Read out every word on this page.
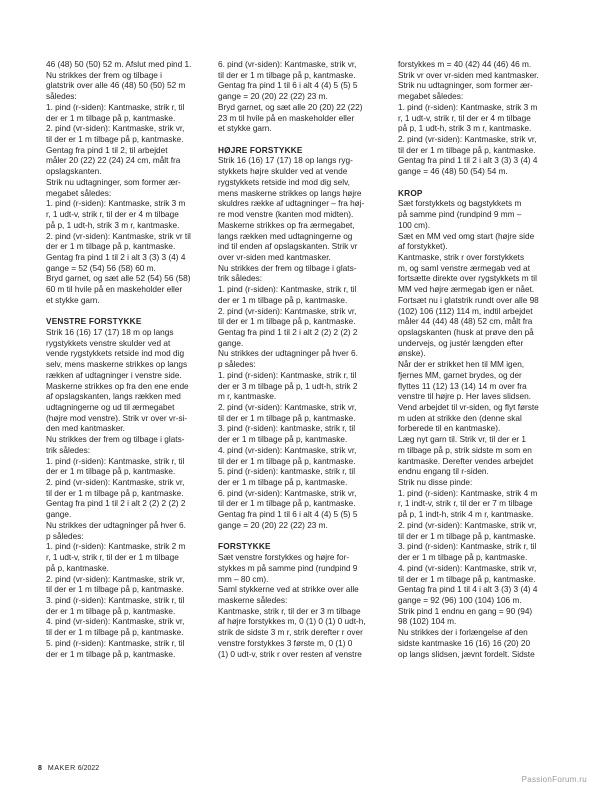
46 (48) 50 (50) 52 m. Afslut med pind 1.

Nu strikkes der frem og tilbage i

glatstrik over alle 46 (48) 50 (50) 52 m

således:

1. pind (r-siden): Kantmaske, strik r, til

der er 1 m tilbage på p, kantmaske.

2. pind (vr-siden): Kantmaske, strik vr,

til der er 1 m tilbage på p, kantmaske.

Gentag fra pind 1 til 2, til arbejdet

måler 20 (22) 22 (24) 24 cm, målt fra

opslagskanten.

Strik nu udtagninger, som former ær-

megabet således:

1. pind (r-siden): Kantmaske, strik 3 m

r, 1 udt-v, strik r, til der er 4 m tilbage

på p, 1 udt-h, strik 3 m r, kantmaske.

2. pind (vr-siden): Kantmaske, strik vr til

der er 1 m tilbage på p, kantmaske.

Gentag fra pind 1 til 2 i alt 3 (3) 3 (4) 4

gange = 52 (54) 56 (58) 60 m.

Bryd garnet, og sæt alle 52 (54) 56 (58)

60 m til hvile på en maskeholder eller

et stykke garn.

VENSTRE FORSTYKKE

Strik 16 (16) 17 (17) 18 m op langs

rygstykkets venstre skulder ved at

vende rygstykkets retside ind mod dig

selv, mens maskerne strikkes op langs

rækken af udtagninger i venstre side.

Maskerne strikkes op fra den ene ende

af opslagskanten, langs rækken med

udtagningerne og ud til ærmegabet

(højre mod venstre). Strik vr over vr-si-

den med kantmasker.

Nu strikkes der frem og tilbage i glats-

trik således:

1. pind (r-siden): Kantmaske, strik r, til

der er 1 m tilbage på p, kantmaske.

2. pind (vr-siden): Kantmaske, strik vr,

til der er 1 m tilbage på p, kantmaske.

Gentag fra pind 1 til 2 i alt 2 (2) 2 (2) 2

gange.

Nu strikkes der udtagninger på hver 6.

p således:

1. pind (r-siden): Kantmaske, strik 2 m

r, 1 udt-v, strik r, til der er 1 m tilbage

på p, kantmaske.

2. pind (vr-siden): Kantmaske, strik vr,

til der er 1 m tilbage på p, kantmaske.

3. pind (r-siden): Kantmaske, strik r, til

der er 1 m tilbage på p, kantmaske.

4. pind (vr-siden): Kantmaske, strik vr,

til der er 1 m tilbage på p, kantmaske.

5. pind (r-siden): Kantmaske, strik r, til

der er 1 m tilbage på p, kantmaske.

6. pind (vr-siden): Kantmaske, strik vr,

til der er 1 m tilbage på p, kantmaske.

Gentag fra pind 1 til 6 i alt 4 (4) 5 (5) 5

gange = 20 (20) 22 (22) 23 m.

Bryd garnet, og sæt alle 20 (20) 22 (22)

23 m til hvile på en maskeholder eller

et stykke garn.

HØJRE FORSTYKKE

Strik 16 (16) 17 (17) 18 op langs ryg-

stykkets højre skulder ved at vende

rygstykkets retside ind mod dig selv,

mens maskerne strikkes op langs højre

skuldres række af udtagninger – fra høj-

re mod venstre (kanten mod midten).

Maskerne strikkes op fra ærmegabet,

langs rækken med udtagningerne og

ind til enden af opslagskanten. Strik vr

over vr-siden med kantmasker.

Nu strikkes der frem og tilbage i glats-

trik således:

1. pind (r-siden): Kantmaske, strik r, til

der er 1 m tilbage på p, kantmaske.

2. pind (vr-siden): Kantmaske, strik vr,

til der er 1 m tilbage på p, kantmaske.

Gentag fra pind 1 til 2 i alt 2 (2) 2 (2) 2

gange.

Nu strikkes der udtagninger på hver 6.

p således:

1. pind (r-siden): Kantmaske, strik r, til

der er 3 m tilbage på p, 1 udt-h, strik 2

m r, kantmaske.

2. pind (vr-siden): Kantmaske, strik vr,

til der er 1 m tilbage på p, kantmaske.

3. pind (r-siden): kantmaske, strik r, til

der er 1 m tilbage på p, kantmaske.

4. pind (vr-siden): Kantmaske, strik vr,

til der er 1 m tilbage på p, kantmaske.

5. pind (r-siden): kantmaske, strik r, til

der er 1 m tilbage på p, kantmaske.

6. pind (vr-siden): Kantmaske, strik vr,

til der er 1 m tilbage på p, kantmaske.

Gentag fra pind 1 til 6 i alt 4 (4) 5 (5) 5

gange = 20 (20) 22 (22) 23 m.

FORSTYKKE

Sæt venstre forstykkes og højre for-

stykkes m på samme pind (rundpind 9

mm – 80 cm).

Saml stykkerne ved at strikke over alle

maskerne således:

Kantmaske, strik r, til der er 3 m tilbage

af højre forstykkes m, 0 (1) 0 (1) 0 udt-h,

strik de sidste 3 m r, strik derefter r over

venstre forstykkes 3 første m, 0 (1) 0

(1) 0 udt-v, strik r over resten af venstre

forstykkes m = 40 (42) 44 (46) 46 m.

Strik vr over vr-siden med kantmasker.

Strik nu udtagninger, som former ær-

megabet således:

1. pind (r-siden): Kantmaske, strik 3 m

r, 1 udt-v, strik r, til der er 4 m tilbage

på p, 1 udt-h, strik 3 m r, kantmaske.

2. pind (vr-siden): Kantmaske, strik vr,

til der er 1 m tilbage på p, kantmaske.

Gentag fra pind 1 til 2 i alt 3 (3) 3 (4) 4

gange = 46 (48) 50 (54) 54 m.

KROP

Sæt forstykkets og bagstykkets m

på samme pind (rundpind 9 mm –

100 cm).

Sæt en MM ved omg start (højre side

af forstykket).

Kantmaske, strik r over forstykkets

m, og saml venstre ærmegab ved at

fortsætte direkte over rygstykkets m til

MM ved højre ærmegab igen er nået.

Fortsæt nu i glatstrik rundt over alle 98

(102) 106 (112) 114 m, indtil arbejdet

måler 44 (44) 48 (48) 52 cm, målt fra

opslagskanten (husk at prøve den på

undervejs, og justér længden efter

ønske).

Når der er strikket hen til MM igen,

fjernes MM, garnet brydes, og der

flyttes 11 (12) 13 (14) 14 m over fra

venstre til højre p. Her laves slidsen.

Vend arbejdet til vr-siden, og flyt første

m uden at strikke den (denne skal

forberede til en kantmaske).

Læg nyt garn til. Strik vr, til der er 1

m tilbage på p, strik sidste m som en

kantmaske. Derefter vendes arbejdet

endnu engang til r-siden.

Strik nu disse pinde:

1. pind (r-siden): Kantmaske, strik 4 m

r, 1 indt-v, strik r, til der er 7 m tilbage

på p, 1 indt-h, strik 4 m r, kantmaske.

2. pind (vr-siden): Kantmaske, strik vr,

til der er 1 m tilbage på p, kantmaske.

3. pind (r-siden): Kantmaske, strik r, til

der er 1 m tilbage på p, kantmaske.

4. pind (vr-siden): Kantmaske, strik vr,

til der er 1 m tilbage på p, kantmaske.

Gentag fra pind 1 til 4 i alt 3 (3) 3 (4) 4

gange = 92 (96) 100 (104) 106 m.

Strik pind 1 endnu en gang = 90 (94)

98 (102) 104 m.

Nu strikkes der i forlængelse af den

sidste kantmaske 16 (16) 16 (20) 20

op langs slidsen, jævnt fordelt. Sidste

8 MAKER 6/2022
PassionForum.ru
